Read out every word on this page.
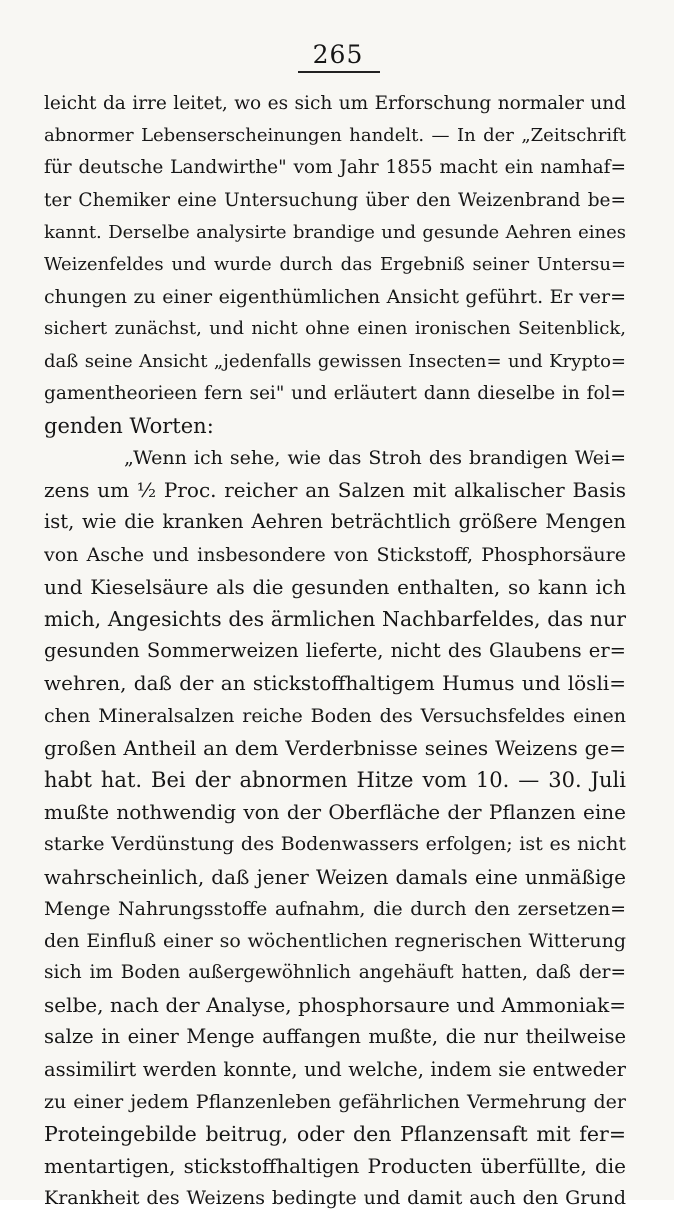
265
leicht da irre leitet, wo es sich um Erforschung normaler und
abnormer Lebenserscheinungen handelt. — In der „Zeitschrift
für deutsche Landwirthe" vom Jahr 1855 macht ein namhaf=
ter Chemiker eine Untersuchung über den Weizenbrand be=
kannt. Derselbe analysirte brandige und gesunde Aehren eines
Weizenfeldes und wurde durch das Ergebniß seiner Untersu=
chungen zu einer eigenthümlichen Ansicht geführt. Er ver=
sichert zunächst, und nicht ohne einen ironischen Seitenblick,
daß seine Ansicht „jedenfalls gewissen Insecten= und Krypto=
gamentheorieen fern sei" und erläutert dann dieselbe in fol=
genden Worten:
„Wenn ich sehe, wie das Stroh des brandigen Wei=
zens um ½ Proc. reicher an Salzen mit alkalischer Basis
ist, wie die kranken Aehren beträchtlich größere Mengen
von Asche und insbesondere von Stickstoff, Phosphorsäure
und Kieselsäure als die gesunden enthalten, so kann ich
mich, Angesichts des ärmlichen Nachbarfeldes, das nur
gesunden Sommerweizen lieferte, nicht des Glaubens er=
wehren, daß der an stickstoffhaltigem Humus und lösli=
chen Mineralsalzen reiche Boden des Versuchsfeldes einen
großen Antheil an dem Verderbnisse seines Weizens ge=
habt hat. Bei der abnormen Hitze vom 10. — 30. Juli
mußte nothwendig von der Oberfläche der Pflanzen eine
starke Verdünstung des Bodenwassers erfolgen; ist es nicht
wahrscheinlich, daß jener Weizen damals eine unmäßige
Menge Nahrungsstoffe aufnahm, die durch den zersetzen=
den Einfluß einer so wöchentlichen regnerischen Witterung
sich im Boden außergewöhnlich angehäuft hatten, daß der=
selbe, nach der Analyse, phosphorsaure und Ammoniak=
salze in einer Menge auffangen mußte, die nur theilweise
assimilirt werden konnte, und welche, indem sie entweder
zu einer jedem Pflanzenleben gefährlichen Vermehrung der
Proteingebilde beitrug, oder den Pflanzensaft mit fer=
mentartigen, stickstoffhaltigen Producten überfüllte, die
Krankheit des Weizens bedingte und damit auch den Grund
